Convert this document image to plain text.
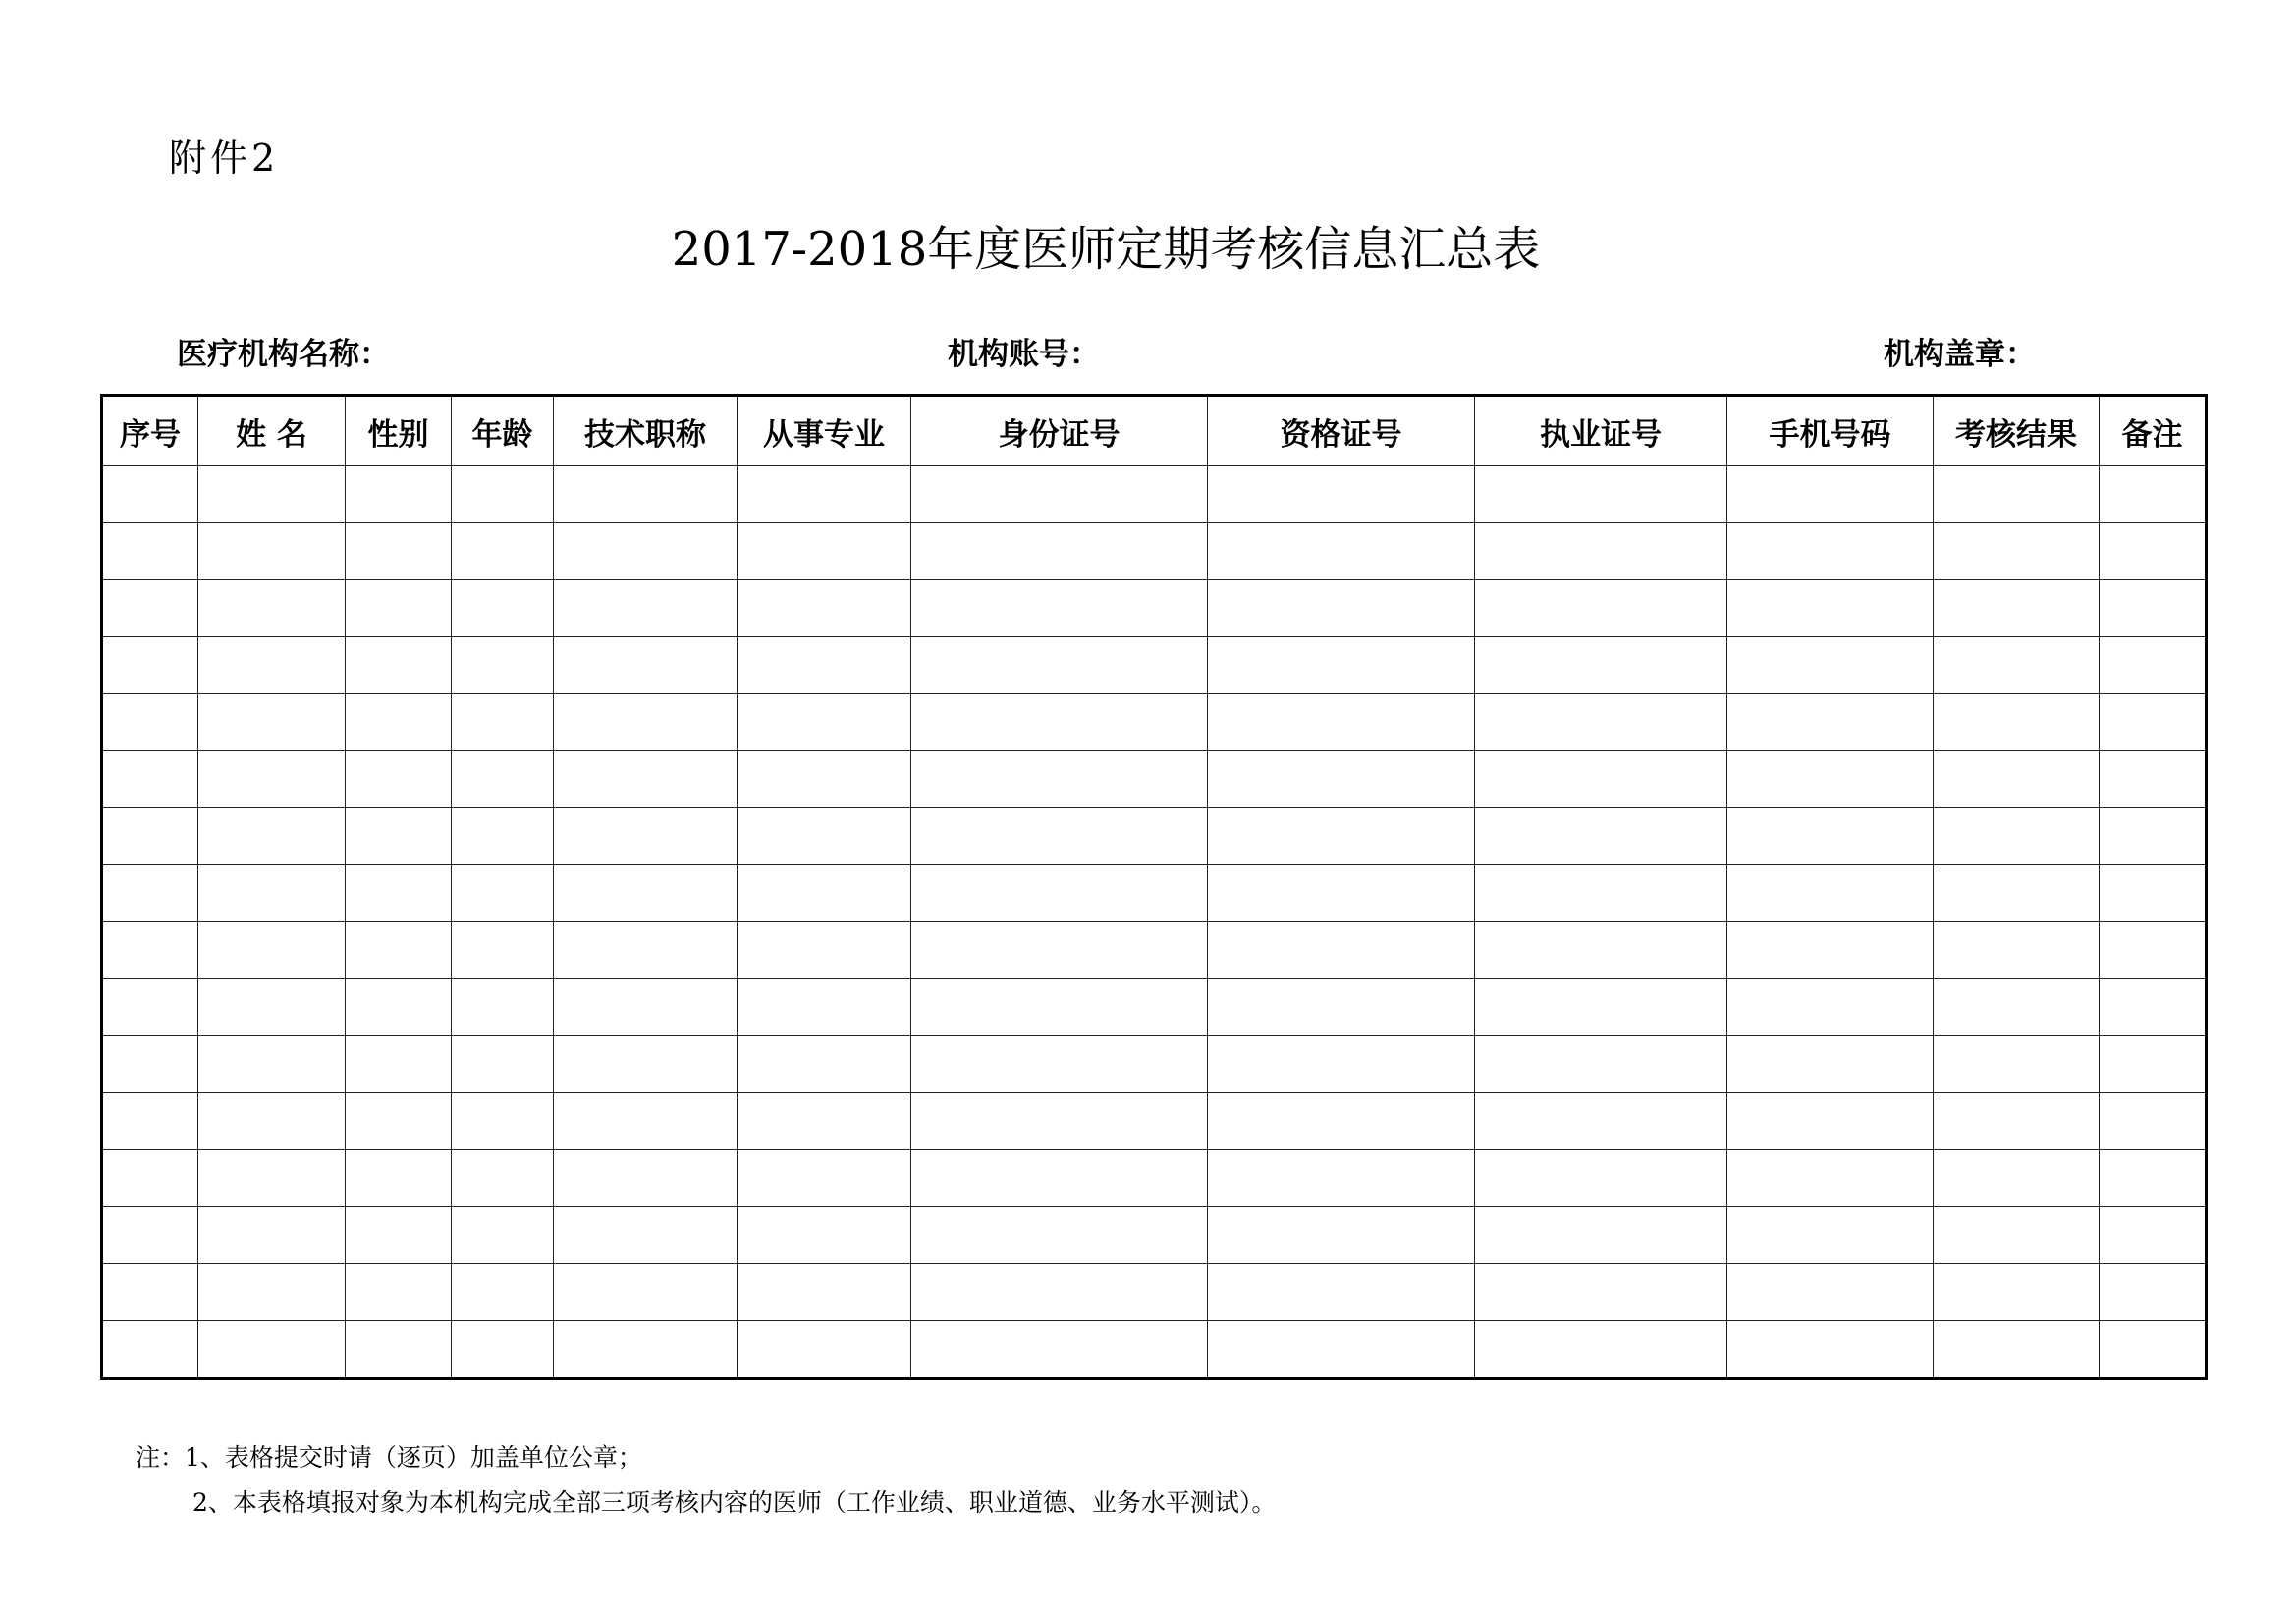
附件2
2017-2018年度医师定期考核信息汇总表
医疗机构名称：	机构账号：	机构盖章：
序号	姓 名	性别	年龄	技术职称	从事专业	身份证号	资格证号	执业证号	手机号码	考核结果	备注

注：1、表格提交时请（逐页）加盖单位公章；
2、本表格填报对象为本机构完成全部三项考核内容的医师（工作业绩、职业道德、业务水平测试）。
